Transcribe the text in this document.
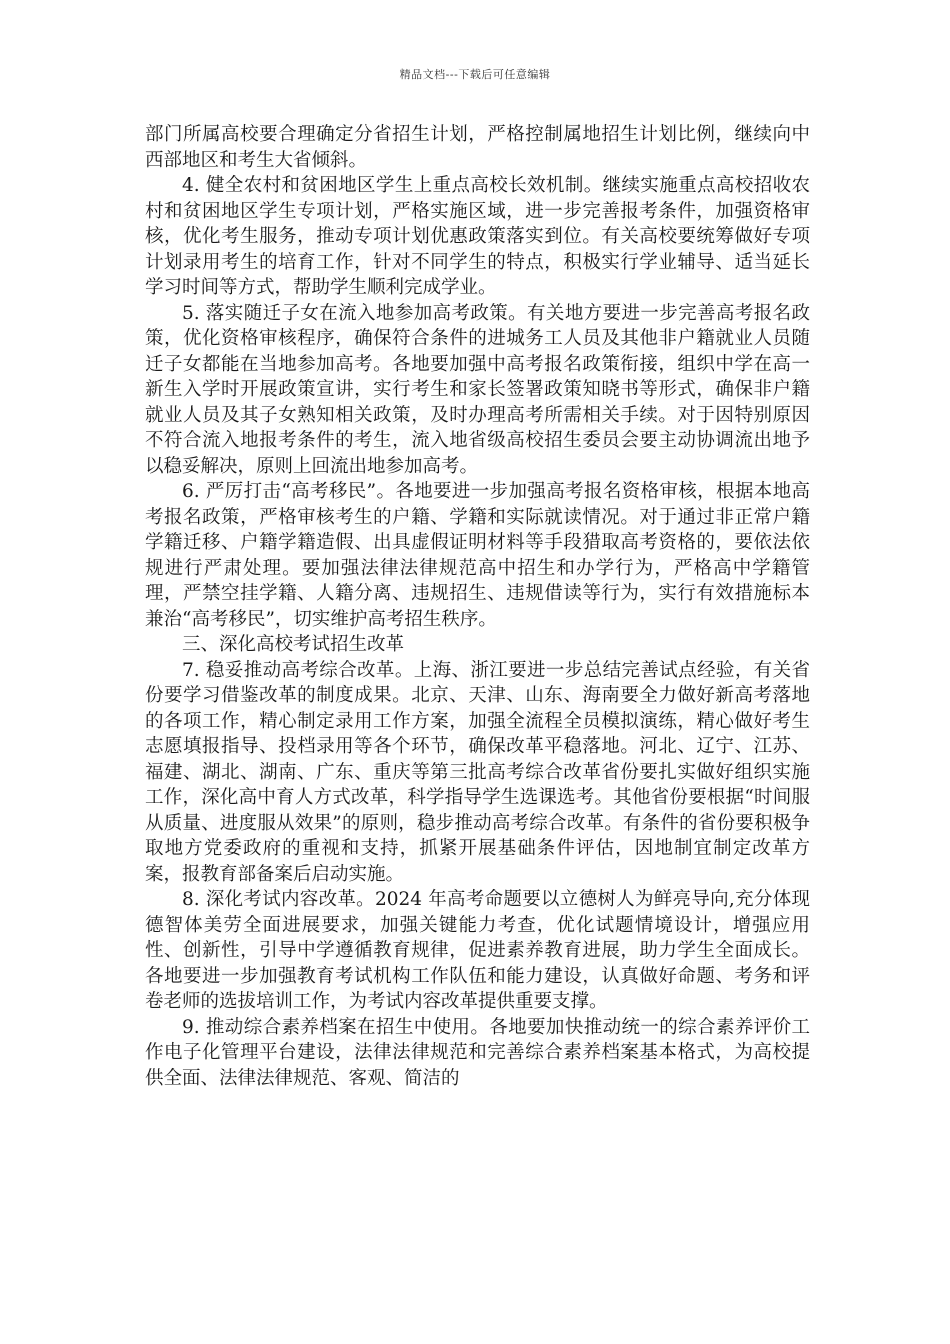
精品文档---下载后可任意编辑

部门所属高校要合理确定分省招生计划，严格控制属地招生计划比例，继续向中西部地区和考生大省倾斜。

4. 健全农村和贫困地区学生上重点高校长效机制。继续实施重点高校招收农村和贫困地区学生专项计划，严格实施区域，进一步完善报考条件，加强资格审核，优化考生服务，推动专项计划优惠政策落实到位。有关高校要统筹做好专项计划录用考生的培育工作，针对不同学生的特点，积极实行学业辅导、适当延长学习时间等方式，帮助学生顺利完成学业。

5. 落实随迁子女在流入地参加高考政策。有关地方要进一步完善高考报名政策，优化资格审核程序，确保符合条件的进城务工人员及其他非户籍就业人员随迁子女都能在当地参加高考。各地要加强中高考报名政策衔接，组织中学在高一新生入学时开展政策宣讲，实行考生和家长签署政策知晓书等形式，确保非户籍就业人员及其子女熟知相关政策，及时办理高考所需相关手续。对于因特别原因不符合流入地报考条件的考生，流入地省级高校招生委员会要主动协调流出地予以稳妥解决，原则上回流出地参加高考。

6. 严厉打击“高考移民”。各地要进一步加强高考报名资格审核，根据本地高考报名政策，严格审核考生的户籍、学籍和实际就读情况。对于通过非正常户籍学籍迁移、户籍学籍造假、出具虚假证明材料等手段猎取高考资格的，要依法依规进行严肃处理。要加强法律法律规范高中招生和办学行为，严格高中学籍管理，严禁空挂学籍、人籍分离、违规招生、违规借读等行为，实行有效措施标本兼治“高考移民”，切实维护高考招生秩序。

三、深化高校考试招生改革

7. 稳妥推动高考综合改革。上海、浙江要进一步总结完善试点经验，有关省份要学习借鉴改革的制度成果。北京、天津、山东、海南要全力做好新高考落地的各项工作，精心制定录用工作方案，加强全流程全员模拟演练，精心做好考生志愿填报指导、投档录用等各个环节，确保改革平稳落地。河北、辽宁、江苏、福建、湖北、湖南、广东、重庆等第三批高考综合改革省份要扎实做好组织实施工作，深化高中育人方式改革，科学指导学生选课选考。其他省份要根据“时间服从质量、进度服从效果”的原则，稳步推动高考综合改革。有条件的省份要积极争取地方党委政府的重视和支持，抓紧开展基础条件评估，因地制宜制定改革方案，报教育部备案后启动实施。

8. 深化考试内容改革。2024 年高考命题要以立德树人为鲜亮导向,充分体现德智体美劳全面进展要求，加强关键能力考查，优化试题情境设计，增强应用性、创新性，引导中学遵循教育规律，促进素养教育进展，助力学生全面成长。各地要进一步加强教育考试机构工作队伍和能力建设，认真做好命题、考务和评卷老师的选拔培训工作，为考试内容改革提供重要支撑。

9. 推动综合素养档案在招生中使用。各地要加快推动统一的综合素养评价工作电子化管理平台建设，法律法律规范和完善综合素养档案基本格式，为高校提供全面、法律法律规范、客观、简洁的
